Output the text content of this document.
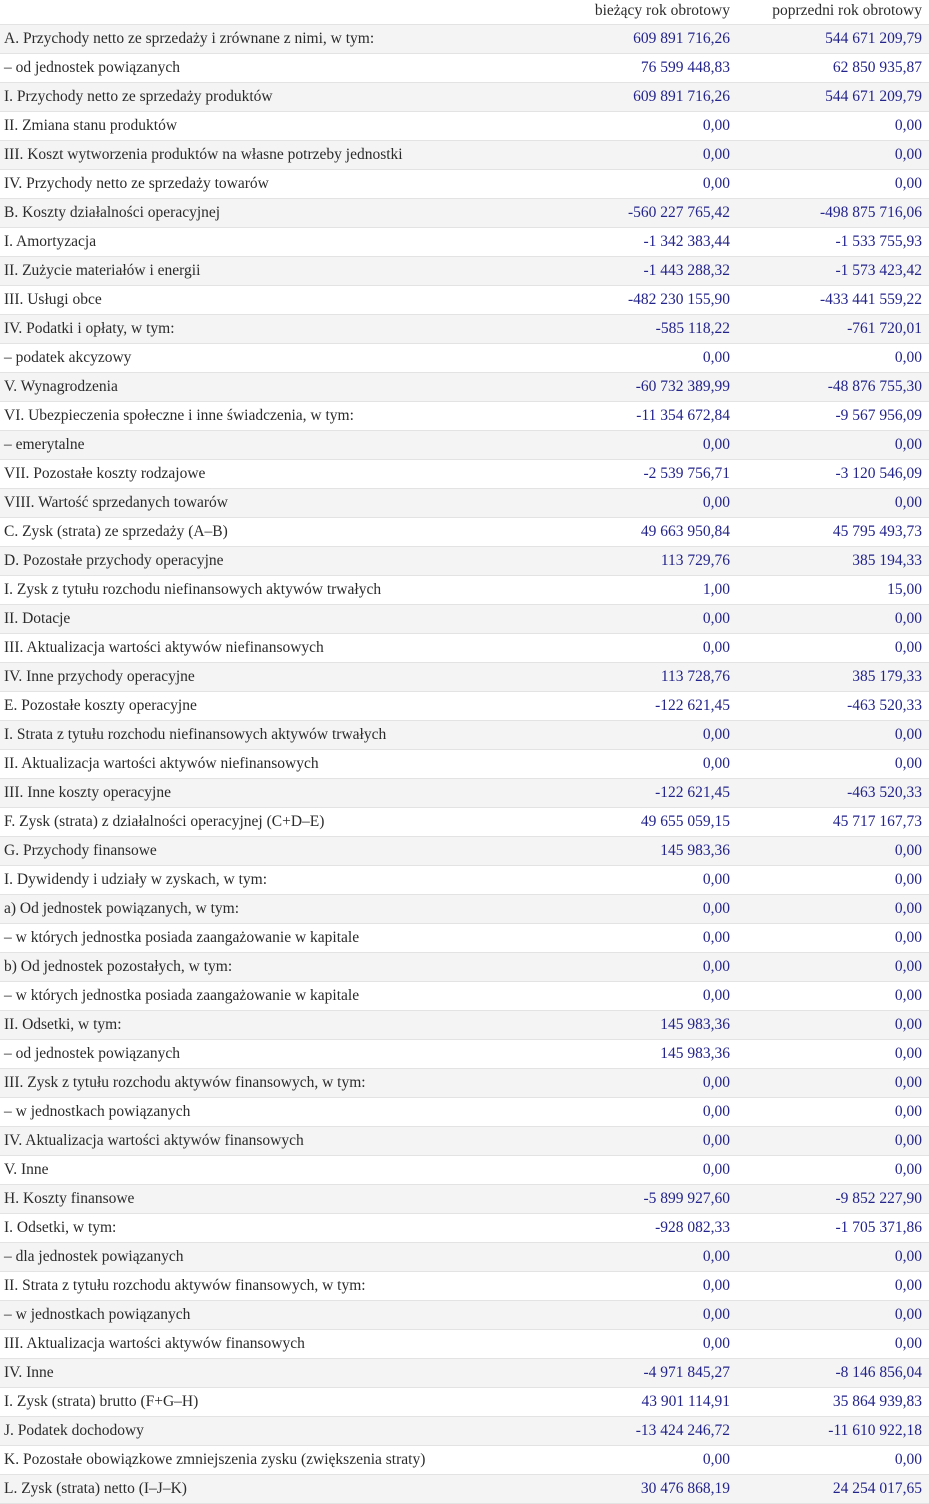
	bieżący rok obrotowy	poprzedni rok obrotowy
A. Przychody netto ze sprzedaży i zrównane z nimi, w tym:	609 891 716,26	544 671 209,79
– od jednostek powiązanych	76 599 448,83	62 850 935,87
I. Przychody netto ze sprzedaży produktów	609 891 716,26	544 671 209,79
II. Zmiana stanu produktów	0,00	0,00
III. Koszt wytworzenia produktów na własne potrzeby jednostki	0,00	0,00
IV. Przychody netto ze sprzedaży towarów	0,00	0,00
B. Koszty działalności operacyjnej	-560 227 765,42	-498 875 716,06
I. Amortyzacja	-1 342 383,44	-1 533 755,93
II. Zużycie materiałów i energii	-1 443 288,32	-1 573 423,42
III. Usługi obce	-482 230 155,90	-433 441 559,22
IV. Podatki i opłaty, w tym:	-585 118,22	-761 720,01
– podatek akcyzowy	0,00	0,00
V. Wynagrodzenia	-60 732 389,99	-48 876 755,30
VI. Ubezpieczenia społeczne i inne świadczenia, w tym:	-11 354 672,84	-9 567 956,09
– emerytalne	0,00	0,00
VII. Pozostałe koszty rodzajowe	-2 539 756,71	-3 120 546,09
VIII. Wartość sprzedanych towarów	0,00	0,00
C. Zysk (strata) ze sprzedaży (A–B)	49 663 950,84	45 795 493,73
D. Pozostałe przychody operacyjne	113 729,76	385 194,33
I. Zysk z tytułu rozchodu niefinansowych aktywów trwałych	1,00	15,00
II. Dotacje	0,00	0,00
III. Aktualizacja wartości aktywów niefinansowych	0,00	0,00
IV. Inne przychody operacyjne	113 728,76	385 179,33
E. Pozostałe koszty operacyjne	-122 621,45	-463 520,33
I. Strata z tytułu rozchodu niefinansowych aktywów trwałych	0,00	0,00
II. Aktualizacja wartości aktywów niefinansowych	0,00	0,00
III. Inne koszty operacyjne	-122 621,45	-463 520,33
F. Zysk (strata) z działalności operacyjnej (C+D–E)	49 655 059,15	45 717 167,73
G. Przychody finansowe	145 983,36	0,00
I. Dywidendy i udziały w zyskach, w tym:	0,00	0,00
a) Od jednostek powiązanych, w tym:	0,00	0,00
– w których jednostka posiada zaangażowanie w kapitale	0,00	0,00
b) Od jednostek pozostałych, w tym:	0,00	0,00
– w których jednostka posiada zaangażowanie w kapitale	0,00	0,00
II. Odsetki, w tym:	145 983,36	0,00
– od jednostek powiązanych	145 983,36	0,00
III. Zysk z tytułu rozchodu aktywów finansowych, w tym:	0,00	0,00
– w jednostkach powiązanych	0,00	0,00
IV. Aktualizacja wartości aktywów finansowych	0,00	0,00
V. Inne	0,00	0,00
H. Koszty finansowe	-5 899 927,60	-9 852 227,90
I. Odsetki, w tym:	-928 082,33	-1 705 371,86
– dla jednostek powiązanych	0,00	0,00
II. Strata z tytułu rozchodu aktywów finansowych, w tym:	0,00	0,00
– w jednostkach powiązanych	0,00	0,00
III. Aktualizacja wartości aktywów finansowych	0,00	0,00
IV. Inne	-4 971 845,27	-8 146 856,04
I. Zysk (strata) brutto (F+G–H)	43 901 114,91	35 864 939,83
J. Podatek dochodowy	-13 424 246,72	-11 610 922,18
K. Pozostałe obowiązkowe zmniejszenia zysku (zwiększenia straty)	0,00	0,00
L. Zysk (strata) netto (I–J–K)	30 476 868,19	24 254 017,65
